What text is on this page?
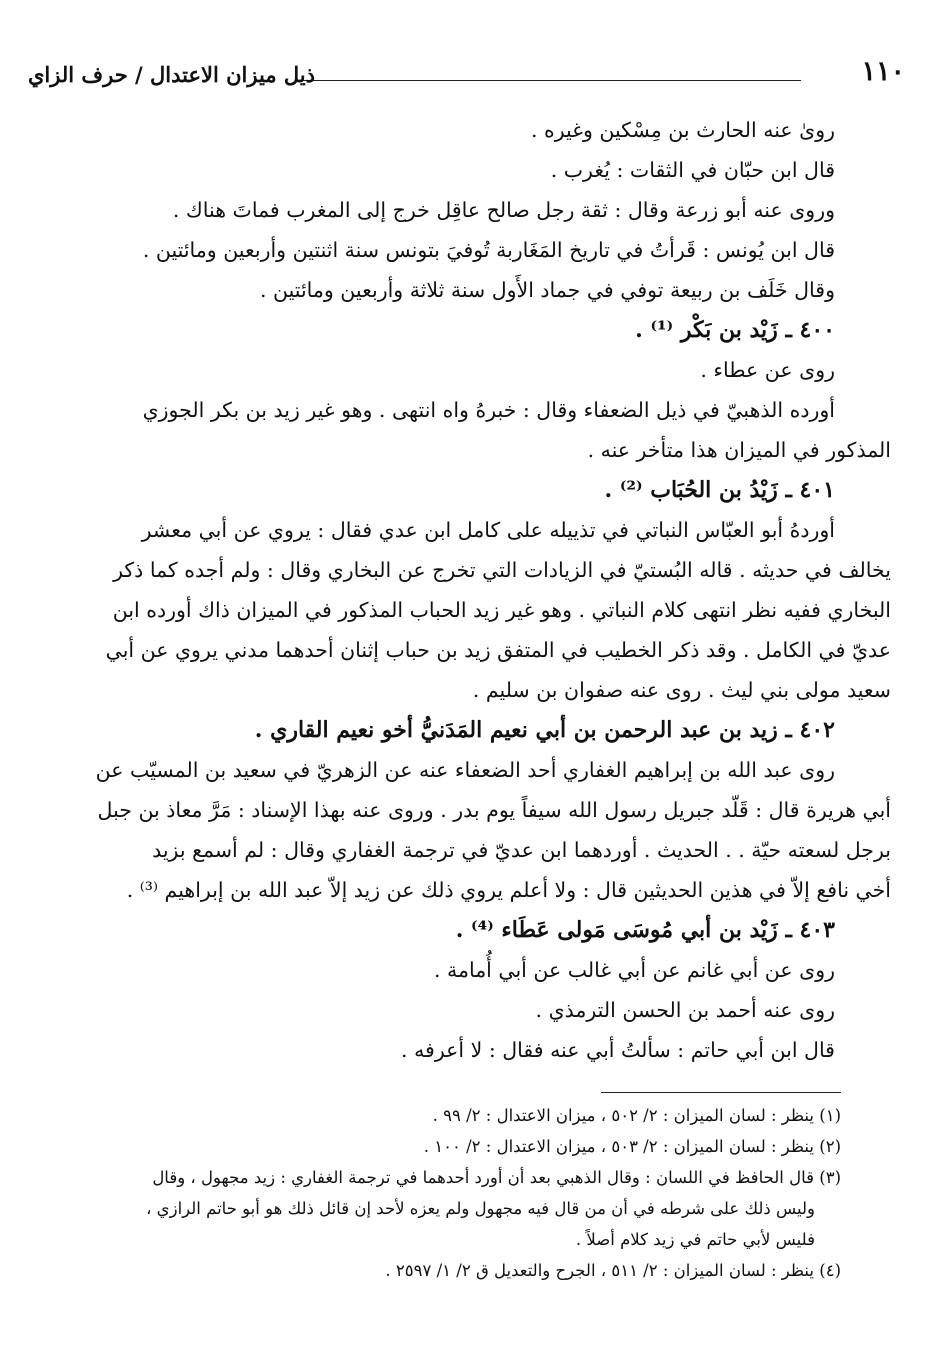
١١٠
ذيل ميزان الاعتدال / حرف الزاي
رویٰ عنه الحارث بن مِسْكين وغيره .
قال ابن حبّان في الثقات : يُغرب .
وروى عنه أبو زرعة وقال : ثقة رجل صالح عاقِل خرج إلى المغرب فماتَ هناك .
قال ابن يُونس : قَرأتُ في تاريخ المَغَاربة تُوفيَ بتونس سنة اثنتين وأربعين ومائتين .
وقال خَلَف بن ربيعة توفي في جماد الأَول سنة ثلاثة وأربعين ومائتين .
٤٠٠ ـ زَيْد بن بَكْر ⁽¹⁾ .
روى عن عطاء .
أورده الذهبيّ في ذيل الضعفاء وقال : خبرهُ واه انتهى . وهو غير زيد بن بكر الجوزي
المذكور في الميزان هذا متأخر عنه .
٤٠١ ـ زَيْدُ بن الحُبَاب ⁽²⁾ .
أوردهُ أبو العبّاس النباتي في تذييله على كامل ابن عدي فقال : يروي عن أبي معشر
يخالف في حديثه . قاله البُستيّ في الزيادات التي تخرج عن البخاري وقال : ولم أجده كما ذكر
البخاري ففيه نظر انتهى كلام النباتي . وهو غير زيد الحباب المذكور في الميزان ذاك أورده ابن
عديّ في الكامل . وقد ذكر الخطيب في المتفق زيد بن حباب إثنان أحدهما مدني يروي عن أبي
سعيد مولى بني ليث . روى عنه صفوان بن سليم .
٤٠٢ ـ زيد بن عبد الرحمن بن أبي نعيم المَدَنيُّ أخو نعيم القاري .
روى عبد الله بن إبراهيم الغفاري أحد الضعفاء عنه عن الزهريّ في سعيد بن المسيّب عن
أبي هريرة قال : قَلّد جبريل رسول الله سيفاً يوم بدر . وروى عنه بهذا الإسناد : مَرَّ معاذ بن جبل
برجل لسعته حيّة . . الحديث . أوردهما ابن عديّ في ترجمة الغفاري وقال : لم أسمع بزيد
أخي نافع إلاّ في هذين الحديثين قال : ولا أعلم يروي ذلك عن زيد إلاّ عبد الله بن إبراهيم ⁽³⁾ .
٤٠٣ ـ زَيْد بن أبي مُوسَى مَولى عَطَاء ⁽⁴⁾ .
روى عن أبي غانم عن أبي غالب عن أبي أُمامة .
روى عنه أحمد بن الحسن الترمذي .
قال ابن أبي حاتم : سألتُ أبي عنه فقال : لا أعرفه .
(١) ينظر : لسان الميزان : ٢/ ٥٠٢ ، ميزان الاعتدال : ٢/ ٩٩ .
(٢) ينظر : لسان الميزان : ٢/ ٥٠٣ ، ميزان الاعتدال : ٢/ ١٠٠ .
(٣) قال الحافظ في اللسان : وقال الذهبي بعد أن أورد أحدهما في ترجمة الغفاري : زيد مجهول ، وقال
وليس ذلك على شرطه في أن من قال فيه مجهول ولم يعزه لأحد إن قائل ذلك هو أبو حاتم الرازي ،
فليس لأبي حاتم في زيد كلام أصلاً .
(٤) ينظر : لسان الميزان : ٢/ ٥١١ ، الجرح والتعديل ق ٢/ ١/ ٢٥٩٧ .
